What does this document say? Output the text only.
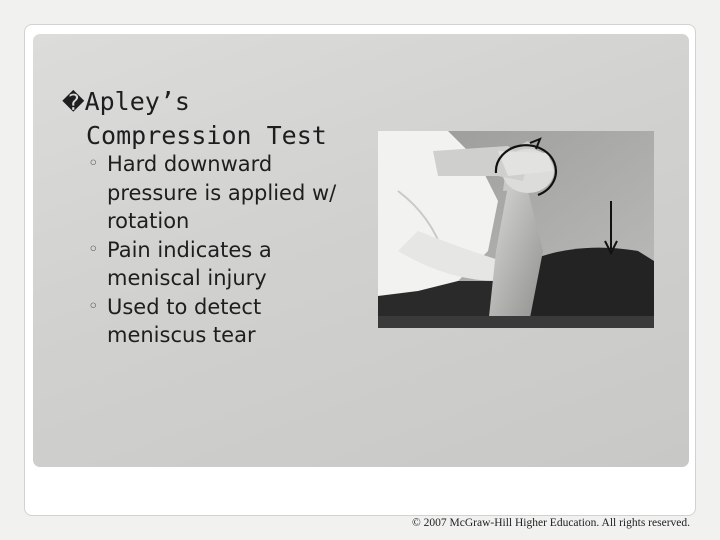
�Apley’s
Compression Test
◦
Hard downward pressure is applied w/ rotation
◦
Pain indicates a meniscal injury
◦
Used to detect meniscus tear
© 2007 McGraw-Hill Higher Education. All rights reserved.
